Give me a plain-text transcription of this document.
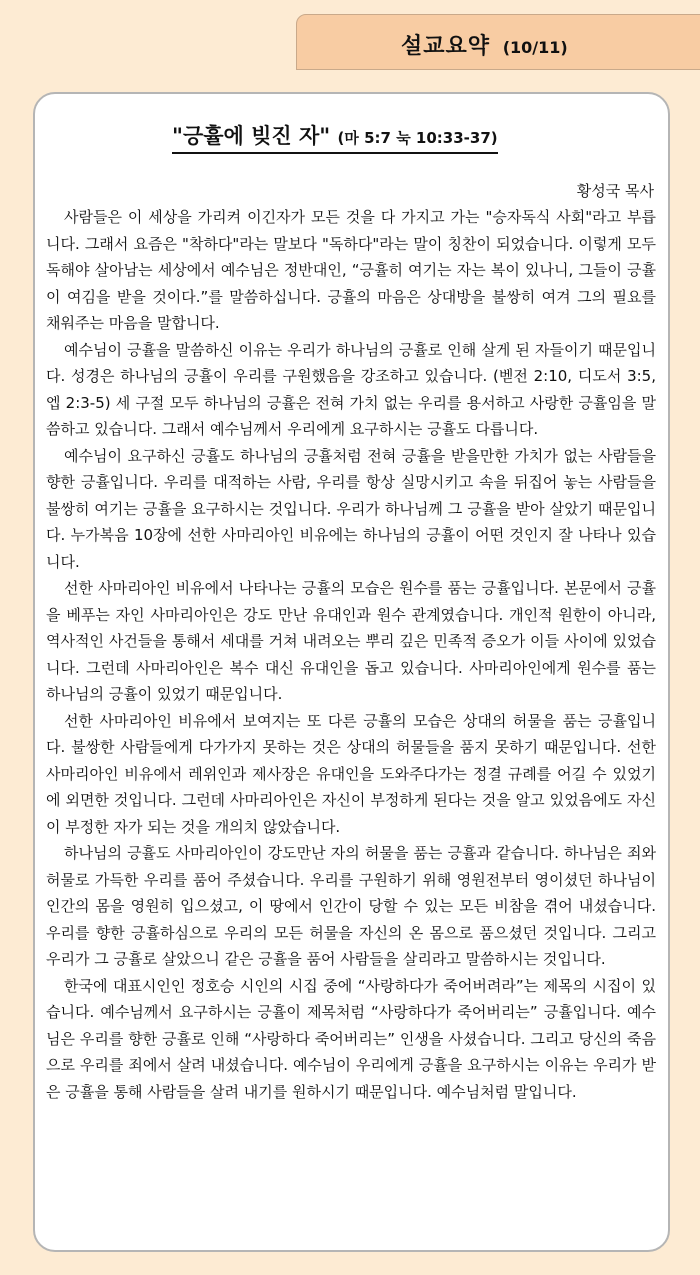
설교요약 (10/11)
"긍휼에 빚진 자" (마 5:7 눅 10:33-37)
황성국 목사

사람들은 이 세상을 가리켜 이긴자가 모든 것을 다 가지고 가는 "승자독식 사회"라고 부릅니다. 그래서 요즘은 "착하다"라는 말보다 "독하다"라는 말이 칭찬이 되었습니다. 이렇게 모두 독해야 살아남는 세상에서 예수님은 정반대인, “긍휼히 여기는 자는 복이 있나니, 그들이 긍휼이 여김을 받을 것이다.”를 말씀하십니다. 긍휼의 마음은 상대방을 불쌍히 여겨 그의 필요를 채워주는 마음을 말합니다.

예수님이 긍휼을 말씀하신 이유는 우리가 하나님의 긍휼로 인해 살게 된 자들이기 때문입니다. 성경은 하나님의 긍휼이 우리를 구원했음을 강조하고 있습니다. (벧전 2:10, 디도서 3:5, 엡 2:3-5) 세 구절 모두 하나님의 긍휼은 전혀 가치 없는 우리를 용서하고 사랑한 긍휼임을 말씀하고 있습니다. 그래서 예수님께서 우리에게 요구하시는 긍휼도 다릅니다.

예수님이 요구하신 긍휼도 하나님의 긍휼처럼 전혀 긍휼을 받을만한 가치가 없는 사람들을 향한 긍휼입니다. 우리를 대적하는 사람, 우리를 항상 실망시키고 속을 뒤집어 놓는 사람들을 불쌍히 여기는 긍휼을 요구하시는 것입니다. 우리가 하나님께 그 긍휼을 받아 살았기 때문입니다. 누가복음 10장에 선한 사마리아인 비유에는 하나님의 긍휼이 어떤 것인지 잘 나타나 있습니다.

선한 사마리아인 비유에서 나타나는 긍휼의 모습은 원수를 품는 긍휼입니다. 본문에서 긍휼을 베푸는 자인 사마리아인은 강도 만난 유대인과 원수 관계였습니다. 개인적 원한이 아니라, 역사적인 사건들을 통해서 세대를 거쳐 내려오는 뿌리 깊은 민족적 증오가 이들 사이에 있었습니다. 그런데 사마리아인은 복수 대신 유대인을 돕고 있습니다. 사마리아인에게 원수를 품는 하나님의 긍휼이 있었기 때문입니다.

선한 사마리아인 비유에서 보여지는 또 다른 긍휼의 모습은 상대의 허물을 품는 긍휼입니다. 불쌍한 사람들에게 다가가지 못하는 것은 상대의 허물들을 품지 못하기 때문입니다. 선한 사마리아인 비유에서 레위인과 제사장은 유대인을 도와주다가는 정결 규례를 어길 수 있었기에 외면한 것입니다. 그런데 사마리아인은 자신이 부정하게 된다는 것을 알고 있었음에도 자신이 부정한 자가 되는 것을 개의치 않았습니다.

하나님의 긍휼도 사마리아인이 강도만난 자의 허물을 품는 긍휼과 같습니다. 하나님은 죄와 허물로 가득한 우리를 품어 주셨습니다. 우리를 구원하기 위해 영원전부터 영이셨던 하나님이 인간의 몸을 영원히 입으셨고, 이 땅에서 인간이 당할 수 있는 모든 비참을 겪어 내셨습니다. 우리를 향한 긍휼하심으로 우리의 모든 허물을 자신의 온 몸으로 품으셨던 것입니다. 그리고 우리가 그 긍휼로 살았으니 같은 긍휼을 품어 사람들을 살리라고 말씀하시는 것입니다.

한국에 대표시인인 정호승 시인의 시집 중에 “사랑하다가 죽어버려라”는 제목의 시집이 있습니다. 예수님께서 요구하시는 긍휼이 제목처럼 “사랑하다가 죽어버리는” 긍휼입니다. 예수님은 우리를 향한 긍휼로 인해 “사랑하다 죽어버리는” 인생을 사셨습니다. 그리고 당신의 죽음으로 우리를 죄에서 살려 내셨습니다. 예수님이 우리에게 긍휼을 요구하시는 이유는 우리가 받은 긍휼을 통해 사람들을 살려 내기를 원하시기 때문입니다. 예수님처럼 말입니다.
